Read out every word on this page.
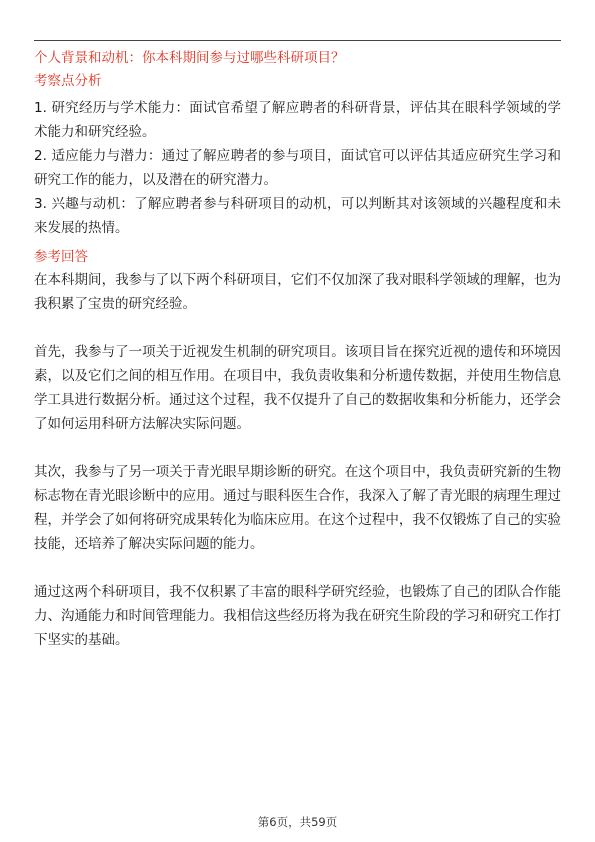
个人背景和动机：你本科期间参与过哪些科研项目？

考察点分析

1. 研究经历与学术能力：面试官希望了解应聘者的科研背景，评估其在眼科学领域的学术能力和研究经验。

2. 适应能力与潜力：通过了解应聘者的参与项目，面试官可以评估其适应研究生学习和研究工作的能力，以及潜在的研究潜力。

3. 兴趣与动机：了解应聘者参与科研项目的动机，可以判断其对该领域的兴趣程度和未来发展的热情。

参考回答

在本科期间，我参与了以下两个科研项目，它们不仅加深了我对眼科学领域的理解，也为我积累了宝贵的研究经验。

首先，我参与了一项关于近视发生机制的研究项目。该项目旨在探究近视的遗传和环境因素，以及它们之间的相互作用。在项目中，我负责收集和分析遗传数据，并使用生物信息学工具进行数据分析。通过这个过程，我不仅提升了自己的数据收集和分析能力，还学会了如何运用科研方法解决实际问题。

其次，我参与了另一项关于青光眼早期诊断的研究。在这个项目中，我负责研究新的生物标志物在青光眼诊断中的应用。通过与眼科医生合作，我深入了解了青光眼的病理生理过程，并学会了如何将研究成果转化为临床应用。在这个过程中，我不仅锻炼了自己的实验技能，还培养了解决实际问题的能力。

通过这两个科研项目，我不仅积累了丰富的眼科学研究经验，也锻炼了自己的团队合作能力、沟通能力和时间管理能力。我相信这些经历将为我在研究生阶段的学习和研究工作打下坚实的基础。

第6页，共59页
